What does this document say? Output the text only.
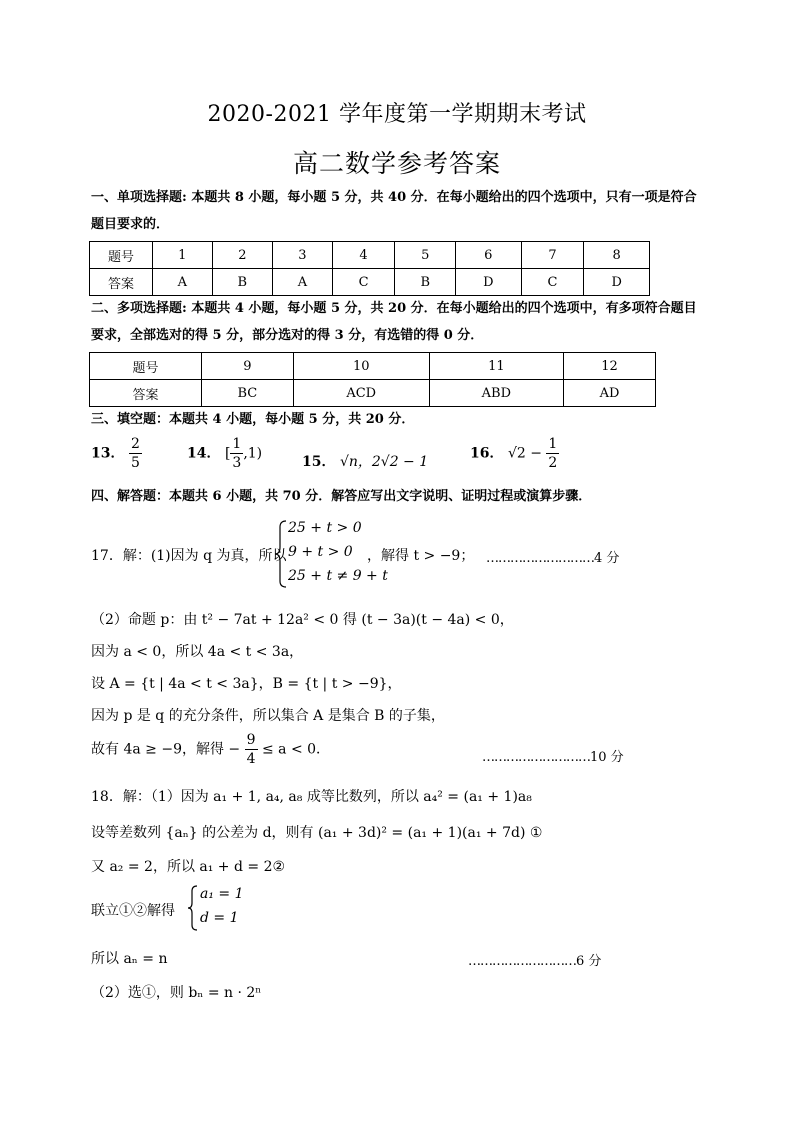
2020-2021 学年度第一学期期末考试
高二数学参考答案
一、单项选择题: 本题共 8 小题，每小题 5 分，共 40 分．在每小题给出的四个选项中，只有一项是符合题目要求的．
题号	1	2	3	4	5	6	7	8
答案	A	B	A	C	B	D	C	D
二、多项选择题: 本题共 4 小题，每小题 5 分，共 20 分．在每小题给出的四个选项中，有多项符合题目要求，全部选对的得 5 分，部分选对的得 3 分，有选错的得 0 分．
题号	9	10	11	12
答案	BC	ACD	ABD	AD
三、填空题：本题共 4 小题，每小题 5 分，共 20 分．
13． $\frac{2}{5}$	14． [ $\frac{1}{3} ,1$)
15． √n，2√2 − 1
16． $√2 - \frac{1}{2}$
四、解答题：本题共 6 小题，共 70 分．解答应写出文字说明、证明过程或演算步骤．
17．解：(1)因为 q 为真，所以
25 + t > 0
9 + t > 0
25 + t ≠ 9 + t
，解得 t > −9； ………………………4 分
（2）命题 p：由 t² − 7at + 12a² < 0 得 (t − 3a)(t − 4a) < 0，
因为 a < 0，所以 4a < t < 3a，
设 A = {t | 4a < t < 3a}，B = {t | t > −9}，
因为 p 是 q 的充分条件，所以集合 A 是集合 B 的子集，
故有 4a ≥ −9，解得 − $\frac{9}{4} \le a < 0$．	………………………10 分
18．解：（1）因为 a₁ + 1, a₄, a₈ 成等比数列，所以 a₄² = (a₁ + 1)a₈
设等差数列 {aₙ} 的公差为 d，则有 (a₁ + 3d)² = (a₁ + 1)(a₁ + 7d) ①
又 a₂ = 2，所以 a₁ + d = 2②
联立①②解得
a₁ = 1
d = 1
所以 aₙ = n	………………………6 分
（2）选①，则 bₙ = n · 2ⁿ
